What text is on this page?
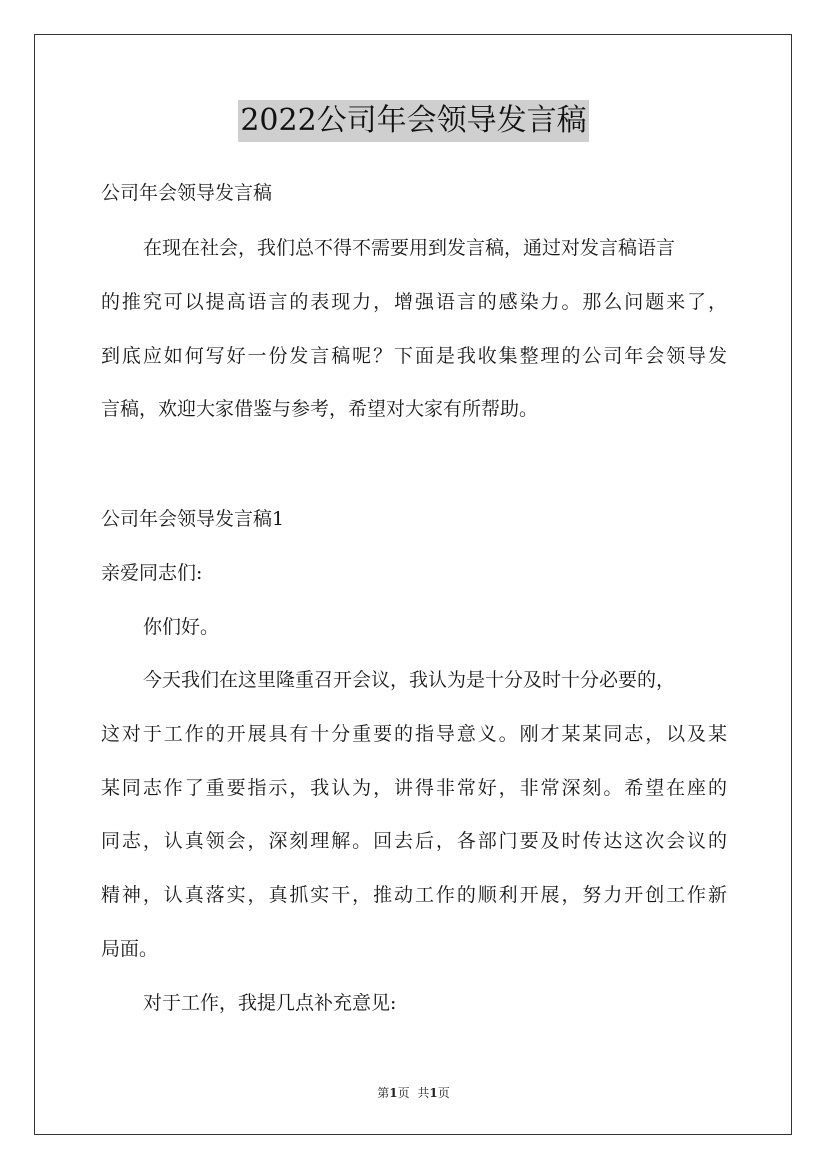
2022公司年会领导发言稿
公司年会领导发言稿
在现在社会，我们总不得不需要用到发言稿，通过对发言稿语言
的推究可以提高语言的表现力，增强语言的感染力。那么问题来了，
到底应如何写好一份发言稿呢？下面是我收集整理的公司年会领导发
言稿，欢迎大家借鉴与参考，希望对大家有所帮助。
公司年会领导发言稿1
亲爱同志们:
你们好。
今天我们在这里隆重召开会议，我认为是十分及时十分必要的，
这对于工作的开展具有十分重要的指导意义。刚才某某同志，以及某
某同志作了重要指示，我认为，讲得非常好，非常深刻。希望在座的
同志，认真领会，深刻理解。回去后，各部门要及时传达这次会议的
精神，认真落实，真抓实干，推动工作的顺利开展，努力开创工作新
局面。
对于工作，我提几点补充意见:
第1页 共1页
